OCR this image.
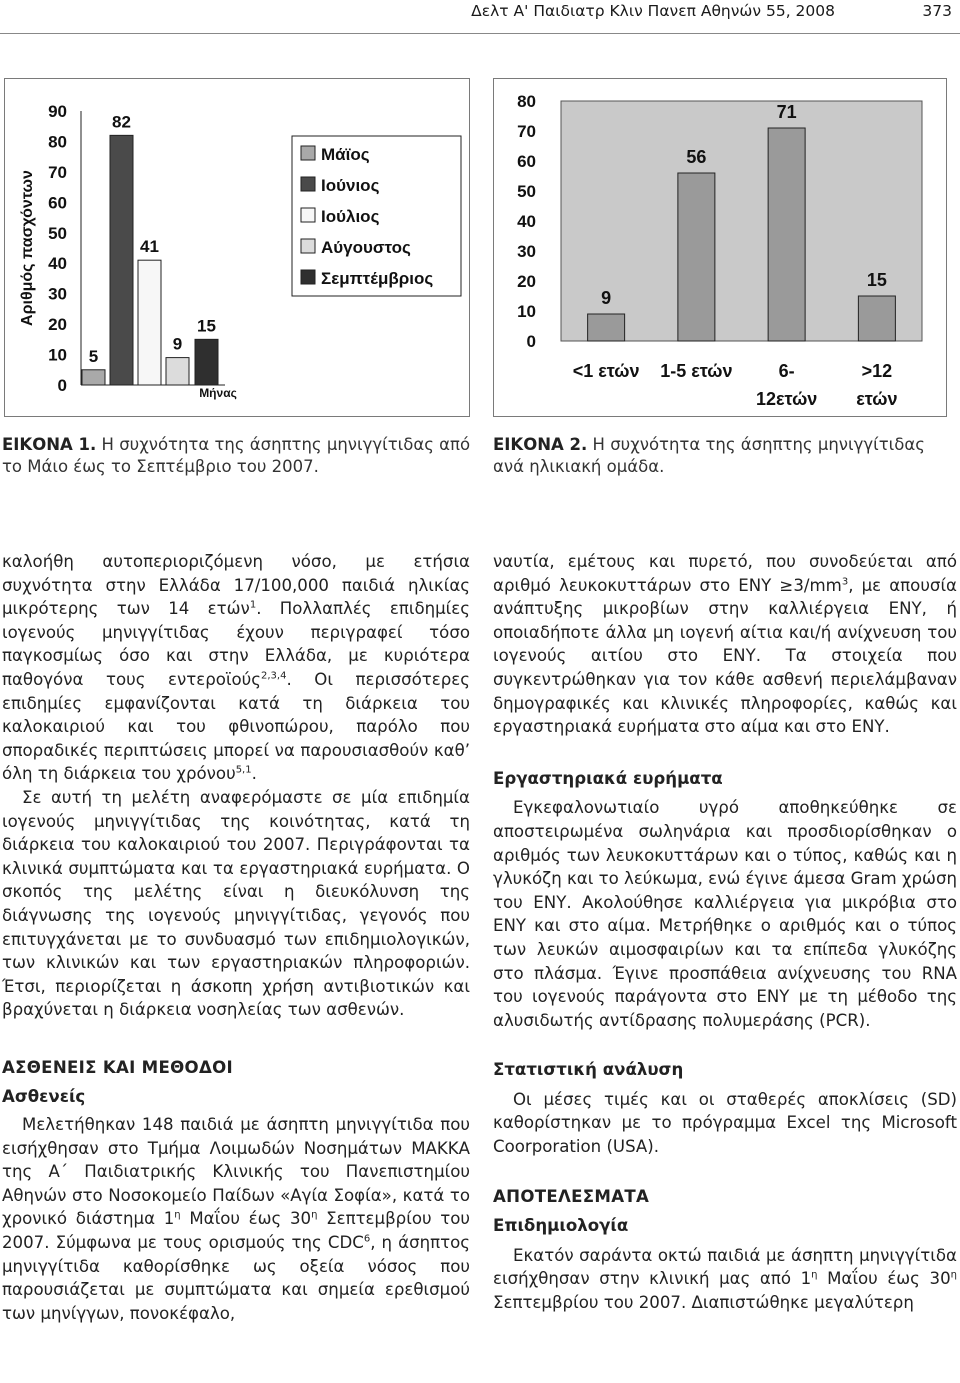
Δελτ Α' Παιδιατρ Κλιν Πανεπ Αθηνών 55, 2008	373
0
10
20
30
40
50
60
70
80
90
5
82
41
9
15
Αριθμός πασχόντων
Μήνας
Μάϊος
Ιούνιος
Ιούλιος
Αύγουστος
Σεμπτέμβριος
0
10
20
30
40
50
60
70
80
9
<1 ετών
56
1-5 ετών
71
6-
12ετών
15
>12
ετών
ΕΙΚΟΝΑ 1. Η συχνότητα της άσηπτης μηνιγγίτιδας από το Μάιο έως το Σεπτέμβριο του 2007.
ΕΙΚΟΝΑ 2. Η συχνότητα της άσηπτης μηνιγγίτιδας ανά ηλικιακή ομάδα.

καλοήθη αυτοπεριοριζόμενη νόσο, με ετήσια συχνότητα στην Ελλάδα 17/100,000 παιδιά ηλικίας μικρότερης των 14 ετών$^1$. Πολλαπλές επιδημίες ιογενούς μηνιγγίτιδας έχουν περιγραφεί τόσο παγκοσμίως όσο και στην Ελλάδα, με κυριότερα παθογόνα τους εντεροϊούς$^{2,3,4}$. Οι περισσότερες επιδημίες εμφανίζονται κατά τη διάρκεια του καλοκαιριού και του φθινοπώρου, παρόλο που σποραδικές περιπτώσεις μπορεί να παρουσιασθούν καθ’ όλη τη διάρκεια του χρόνου$^{5,1}$.

Σε αυτή τη μελέτη αναφερόμαστε σε μία επιδημία ιογενούς μηνιγγίτιδας της κοινότητας, κατά τη διάρκεια του καλοκαιριού του 2007. Περιγράφονται τα κλινικά συμπτώματα και τα εργαστηριακά ευρήματα. Ο σκοπός της μελέτης είναι η διευκόλυνση της διάγνωσης της ιογενούς μηνιγγίτιδας, γεγονός που επιτυγχάνεται με το συνδυασμό των επιδημιολογικών, των κλινικών και των εργαστηριακών πληροφοριών. Έτσι, περιορίζεται η άσκοπη χρήση αντιβιοτικών και βραχύνεται η διάρκεια νοσηλείας των ασθενών.

ΑΣΘΕΝΕΙΣ ΚΑΙ ΜΕΘΟΔΟΙ
Ασθενείς

Μελετήθηκαν 148 παιδιά με άσηπτη μηνιγγίτιδα που εισήχθησαν στο Τμήμα Λοιμωδών Νοσημάτων ΜΑΚΚΑ της Α΄ Παιδιατρικής Κλινικής του Πανεπιστημίου Αθηνών στο Νοσοκομείο Παίδων «Αγία Σοφία», κατά το χρονικό διάστημα $1^\eta$ Μαΐου έως $30^\eta$ Σεπτεμβρίου του 2007. Σύμφωνα με τους ορισμούς της CDC$^6$, η άσηπτος μηνιγγίτιδα καθορίσθηκε ως οξεία νόσος που παρουσιάζεται με συμπτώματα και σημεία ερεθισμού των μηνίγγων, πονοκέφαλο,

ναυτία, εμέτους και πυρετό, που συνοδεύεται από αριθμό λευκοκυττάρων στο $EN\Upsilon \ge 3/mm^3$, με απουσία ανάπτυξης μικροβίων στην καλλιέργεια ΕΝΥ, ή οποιαδήποτε άλλα μη ιογενή αίτια και/ή ανίχνευση του ιογενούς αιτίου στο ΕΝΥ. Τα στοιχεία που συγκεντρώθηκαν για τον κάθε ασθενή περιελάμβαναν δημογραφικές και κλινικές πληροφορίες, καθώς και εργαστηριακά ευρήματα στο αίμα και στο ΕΝΥ.

Εργαστηριακά ευρήματα

Εγκεφαλονωτιαίο υγρό αποθηκεύθηκε σε αποστειρωμένα σωληνάρια και προσδιορίσθηκαν ο αριθμός των λευκοκυττάρων και ο τύπος, καθώς και η γλυκόζη και το λεύκωμα, ενώ έγινε άμεσα Gram χρώση του ΕΝΥ. Ακολούθησε καλλιέργεια για μικρόβια στο ΕΝΥ και στο αίμα. Μετρήθηκε ο αριθμός και ο τύπος των λευκών αιμοσφαιρίων και τα επίπεδα γλυκόζης στο πλάσμα. Έγινε προσπάθεια ανίχνευσης του RNA του ιογενούς παράγοντα στο ΕΝΥ με τη μέθοδο της αλυσιδωτής αντίδρασης πολυμεράσης (PCR).

Στατιστική ανάλυση

Οι μέσες τιμές και οι σταθερές αποκλίσεις (SD) καθορίστηκαν με το πρόγραμμα Excel της Microsoft Coorporation (USA).

ΑΠΟΤΕΛΕΣΜΑΤΑ
Επιδημιολογία

Εκατόν σαράντα οκτώ παιδιά με άσηπτη μηνιγγίτιδα εισήχθησαν στην κλινική μας από $1^\eta$ Μαΐου έως $30^\eta$ Σεπτεμβρίου του 2007. Διαπιστώθηκε μεγαλύτερη
